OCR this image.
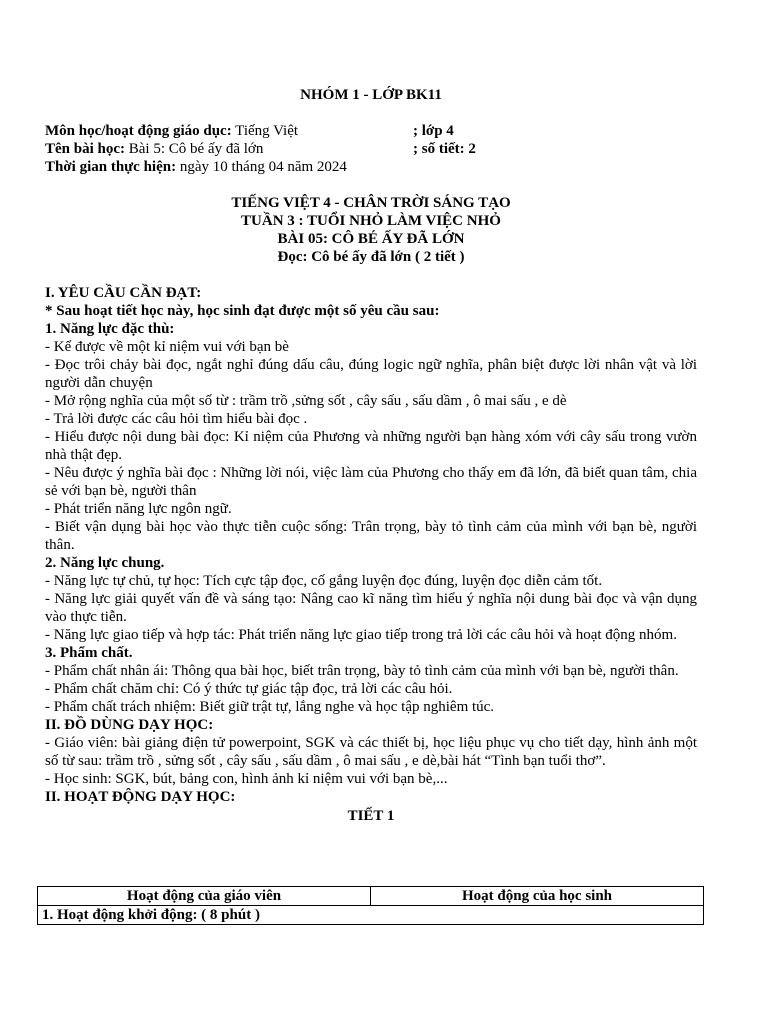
NHÓM 1 - LỚP BK11
Môn học/hoạt động giáo dục: Tiếng Việt	; lớp 4
Tên bài học: Bài 5: Cô bé ấy đã lớn	; số tiết: 2
Thời gian thực hiện: ngày 10 tháng 04 năm 2024
TIẾNG VIỆT 4 - CHÂN TRỜI SÁNG TẠO
TUẦN 3 : TUỔI NHỎ LÀM VIỆC NHỎ
BÀI 05: CÔ BÉ ẤY ĐÃ LỚN
Đọc: Cô bé ấy đã lớn ( 2 tiết )
I. YÊU CẦU CẦN ĐẠT:
* Sau hoạt tiết học này, học sinh đạt được một số yêu cầu sau:
1. Năng lực đặc thù:
- Kể được về một kỉ niệm vui với bạn bè
- Đọc trôi chảy bài đọc, ngắt nghỉ đúng dấu câu, đúng logic ngữ nghĩa, phân biệt được lời nhân vật và lời người dẫn chuyện
- Mở rộng nghĩa của một số từ : trầm trồ ,sửng sốt , cây sấu , sấu dầm , ô mai sấu , e dè
- Trả lời được các câu hỏi tìm hiểu bài đọc .
- Hiểu được nội dung bài đọc: Kỉ niệm của Phương và những người bạn hàng xóm với cây sấu trong vườn nhà thật đẹp.
- Nêu được ý nghĩa bài đọc : Những lời nói, việc làm của Phương cho thấy em đã lớn, đã biết quan tâm, chia sẻ với bạn bè, người thân
- Phát triển năng lực ngôn ngữ.
- Biết vận dụng bài học vào thực tiễn cuộc sống: Trân trọng, bày tỏ tình cảm của mình với bạn bè, người thân.
2. Năng lực chung.
- Năng lực tự chủ, tự học: Tích cực tập đọc, cố gắng luyện đọc đúng, luyện đọc diễn cảm tốt.
- Năng lực giải quyết vấn đề và sáng tạo: Nâng cao kĩ năng tìm hiểu ý nghĩa nội dung bài đọc và vận dụng vào thực tiễn.
- Năng lực giao tiếp và hợp tác: Phát triển năng lực giao tiếp trong trả lời các câu hỏi và hoạt động nhóm.
3. Phẩm chất.
- Phẩm chất nhân ái: Thông qua bài học, biết trân trọng, bày tỏ tình cảm của mình với bạn bè, người thân.
- Phẩm chất chăm chỉ: Có ý thức tự giác tập đọc, trả lời các câu hỏi.
- Phẩm chất trách nhiệm: Biết giữ trật tự, lắng nghe và học tập nghiêm túc.
II. ĐỒ DÙNG DẠY HỌC:
- Giáo viên: bài giảng điện tử powerpoint, SGK và các thiết bị, học liệu phục vụ cho tiết dạy, hình ảnh một số từ sau: trầm trồ , sửng sốt , cây sấu , sấu dầm , ô mai sấu , e dè,bài hát “Tình bạn tuổi thơ”.
- Học sinh: SGK, bút, bảng con, hình ảnh kỉ niệm vui với bạn bè,...
II. HOẠT ĐỘNG DẠY HỌC:
TIẾT 1
Hoạt động của giáo viên	Hoạt động của học sinh
1. Hoạt động khởi động: ( 8 phút )
